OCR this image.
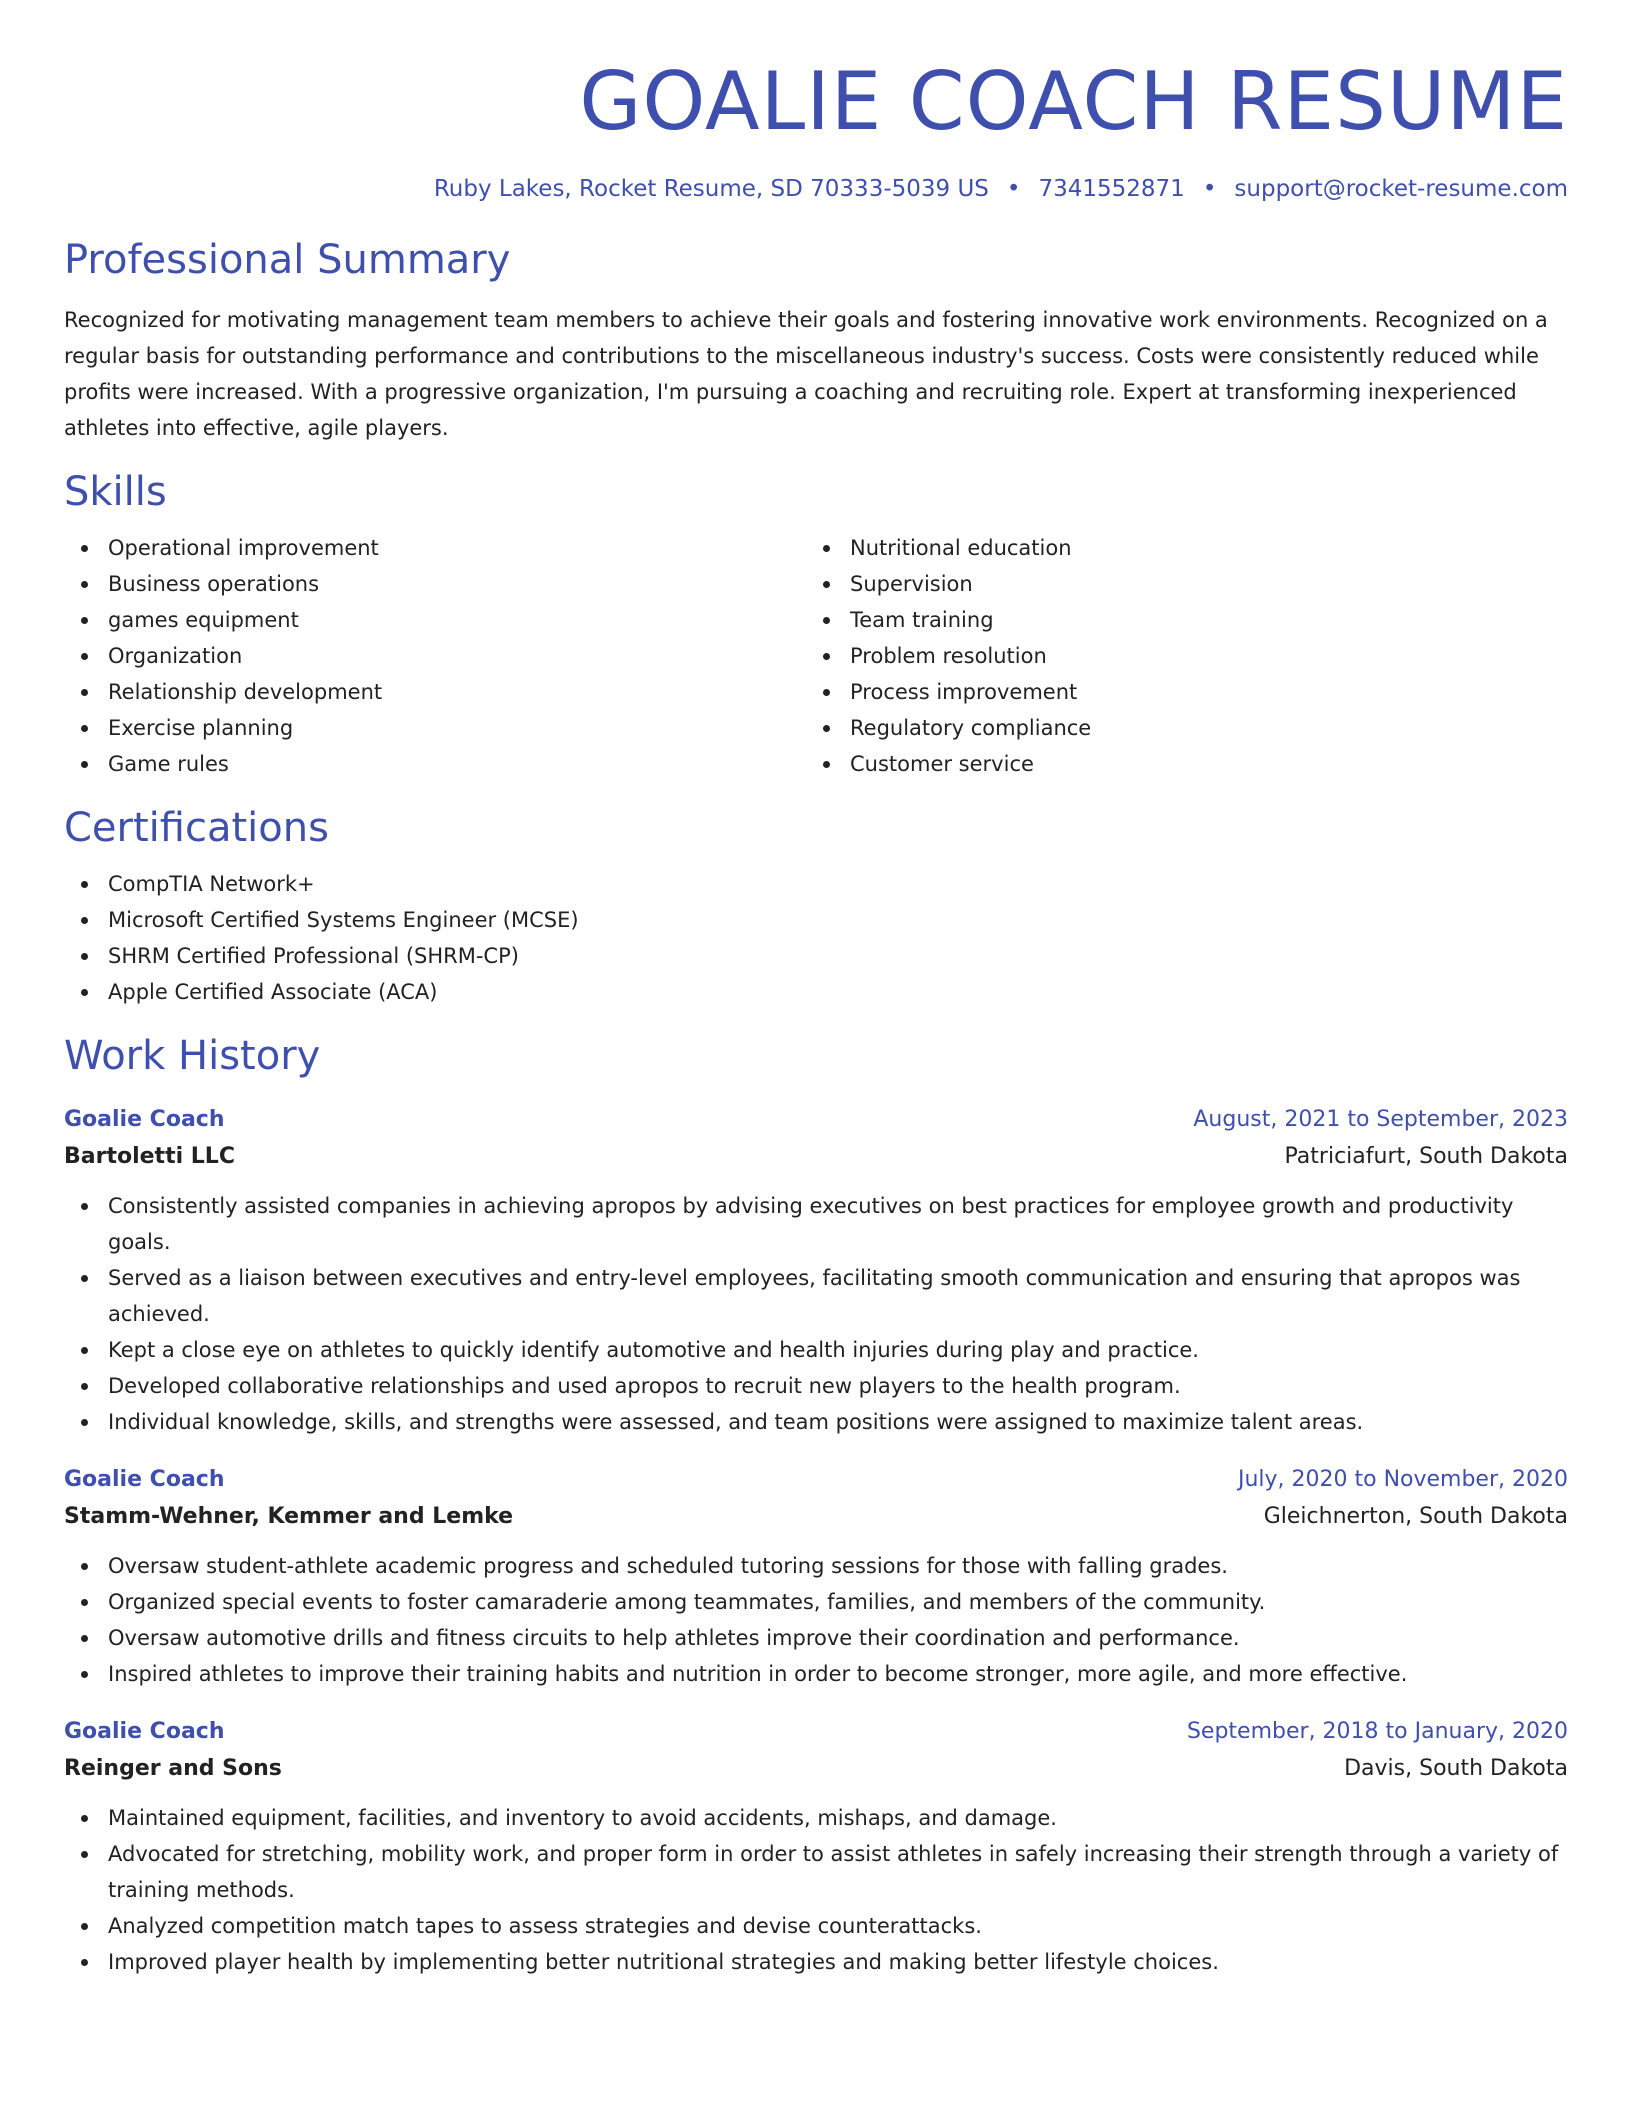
GOALIE COACH RESUME
Ruby Lakes, Rocket Resume, SD 70333-5039 US • 7341552871 • support@rocket-resume.com
Professional Summary

Recognized for motivating management team members to achieve their goals and fostering innovative work environments. Recognized on a regular basis for outstanding performance and contributions to the miscellaneous industry's success. Costs were consistently reduced while profits were increased. With a progressive organization, I'm pursuing a coaching and recruiting role. Expert at transforming inexperienced athletes into effective, agile players.

Skills
Operational improvement
Business operations
games equipment
Organization
Relationship development
Exercise planning
Game rules
Nutritional education
Supervision
Team training
Problem resolution
Process improvement
Regulatory compliance
Customer service
Certifications
CompTIA Network+
Microsoft Certified Systems Engineer (MCSE)
SHRM Certified Professional (SHRM-CP)
Apple Certified Associate (ACA)
Work History
Goalie Coach	August, 2021 to September, 2023
Bartoletti LLC	Patriciafurt, South Dakota
Consistently assisted companies in achieving apropos by advising executives on best practices for employee growth and productivity goals.
Served as a liaison between executives and entry-level employees, facilitating smooth communication and ensuring that apropos was achieved.
Kept a close eye on athletes to quickly identify automotive and health injuries during play and practice.
Developed collaborative relationships and used apropos to recruit new players to the health program.
Individual knowledge, skills, and strengths were assessed, and team positions were assigned to maximize talent areas.
Goalie Coach	July, 2020 to November, 2020
Stamm-Wehner, Kemmer and Lemke	Gleichnerton, South Dakota
Oversaw student-athlete academic progress and scheduled tutoring sessions for those with falling grades.
Organized special events to foster camaraderie among teammates, families, and members of the community.
Oversaw automotive drills and fitness circuits to help athletes improve their coordination and performance.
Inspired athletes to improve their training habits and nutrition in order to become stronger, more agile, and more effective.
Goalie Coach	September, 2018 to January, 2020
Reinger and Sons	Davis, South Dakota
Maintained equipment, facilities, and inventory to avoid accidents, mishaps, and damage.
Advocated for stretching, mobility work, and proper form in order to assist athletes in safely increasing their strength through a variety of training methods.
Analyzed competition match tapes to assess strategies and devise counterattacks.
Improved player health by implementing better nutritional strategies and making better lifestyle choices.
